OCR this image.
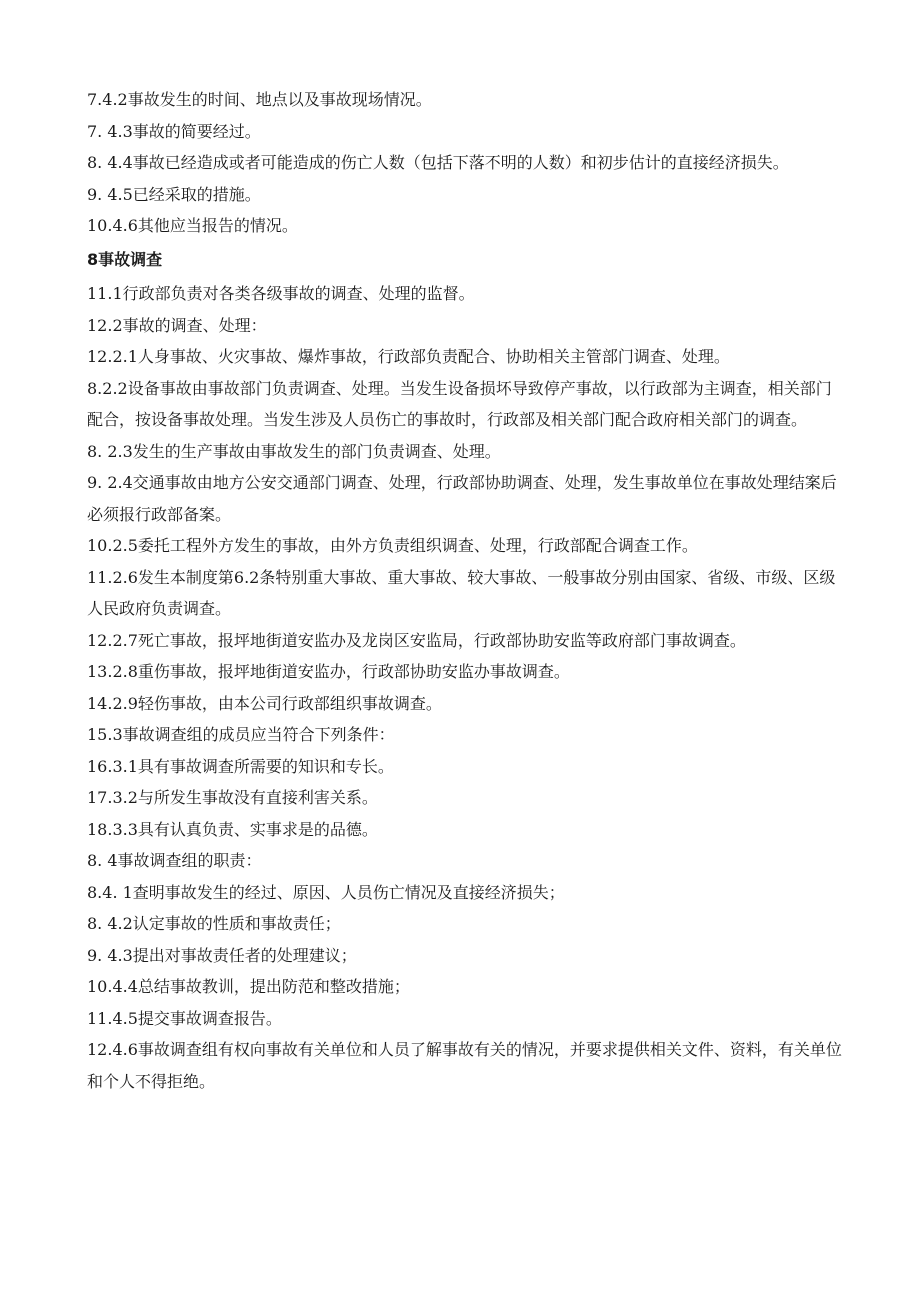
7.4.2事故发生的时间、地点以及事故现场情况。

7. 4.3事故的简要经过。

8. 4.4事故已经造成或者可能造成的伤亡人数（包括下落不明的人数）和初步估计的直接经济损失。

9. 4.5已经采取的措施。

10.4.6其他应当报告的情况。

8事故调查

11.1行政部负责对各类各级事故的调查、处理的监督。

12.2事故的调查、处理：

12.2.1人身事故、火灾事故、爆炸事故，行政部负责配合、协助相关主管部门调查、处理。

8.2.2设备事故由事故部门负责调查、处理。当发生设备损坏导致停产事故，以行政部为主调查，相关部门配合，按设备事故处理。当发生涉及人员伤亡的事故时，行政部及相关部门配合政府相关部门的调查。

8. 2.3发生的生产事故由事故发生的部门负责调查、处理。

9. 2.4交通事故由地方公安交通部门调查、处理，行政部协助调查、处理，发生事故单位在事故处理结案后必须报行政部备案。

10.2.5委托工程外方发生的事故，由外方负责组织调查、处理，行政部配合调查工作。

11.2.6发生本制度第6.2条特别重大事故、重大事故、较大事故、一般事故分别由国家、省级、市级、区级人民政府负责调查。

12.2.7死亡事故，报坪地街道安监办及龙岗区安监局，行政部协助安监等政府部门事故调查。

13.2.8重伤事故，报坪地街道安监办，行政部协助安监办事故调查。

14.2.9轻伤事故，由本公司行政部组织事故调查。

15.3事故调查组的成员应当符合下列条件：

16.3.1具有事故调查所需要的知识和专长。

17.3.2与所发生事故没有直接利害关系。

18.3.3具有认真负责、实事求是的品德。

8. 4事故调查组的职责：

8.4. 1查明事故发生的经过、原因、人员伤亡情况及直接经济损失；

8. 4.2认定事故的性质和事故责任；

9. 4.3提出对事故责任者的处理建议；

10.4.4总结事故教训，提出防范和整改措施；

11.4.5提交事故调查报告。

12.4.6事故调查组有权向事故有关单位和人员了解事故有关的情况，并要求提供相关文件、资料，有关单位和个人不得拒绝。
